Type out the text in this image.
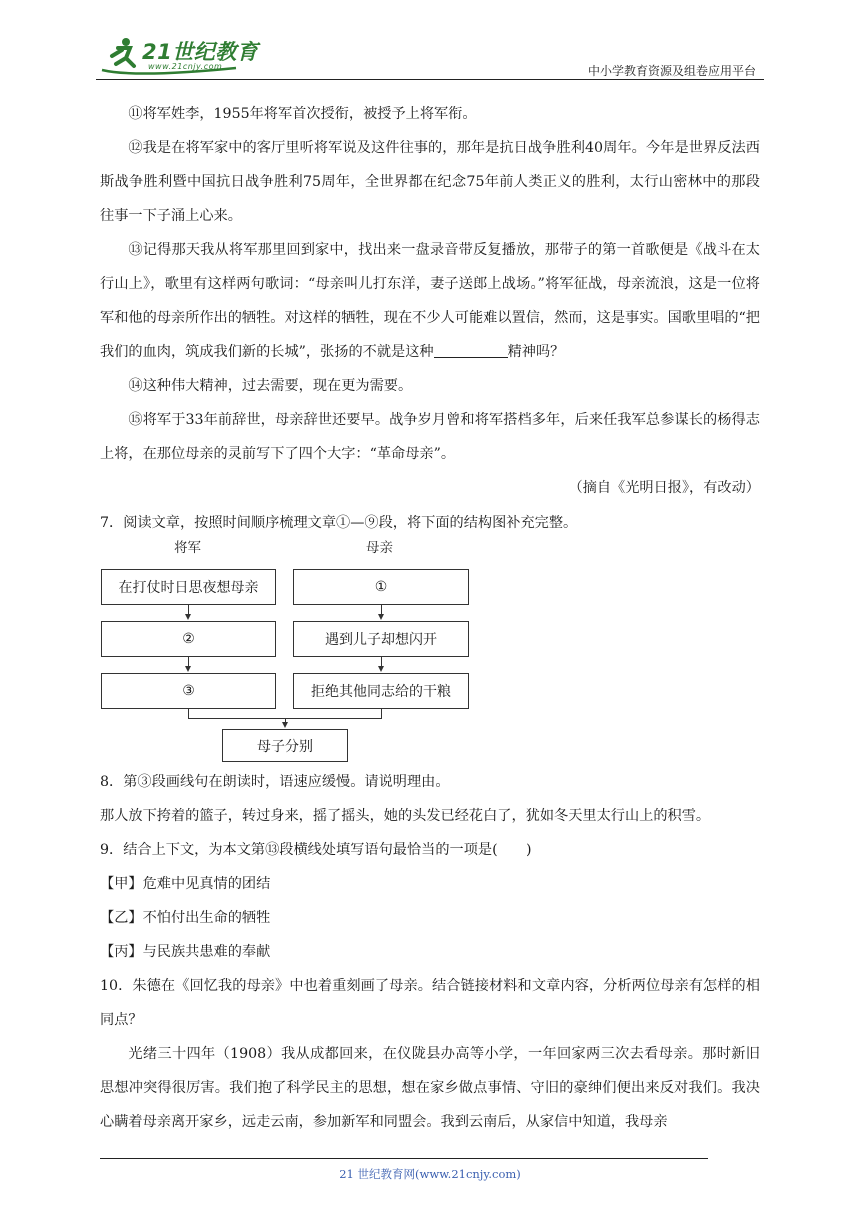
21世纪教育
www.21cnjy.com	中小学教育资源及组卷应用平台

⑪将军姓李，1955年将军首次授衔，被授予上将军衔。

⑫我是在将军家中的客厅里听将军说及这件往事的，那年是抗日战争胜利40周年。今年是世界反法西斯战争胜利暨中国抗日战争胜利75周年，全世界都在纪念75年前人类正义的胜利，太行山密林中的那段往事一下子涌上心来。

⑬记得那天我从将军那里回到家中，找出来一盘录音带反复播放，那带子的第一首歌便是《战斗在太行山上》，歌里有这样两句歌词：“母亲叫儿打东洋，妻子送郎上战场。”将军征战，母亲流浪，这是一位将军和他的母亲所作出的牺牲。对这样的牺牲，现在不少人可能难以置信，然而，这是事实。国歌里唱的“把我们的血肉，筑成我们新的长城”，张扬的不就是这种	精神吗？

⑭这种伟大精神，过去需要，现在更为需要。

⑮将军于33年前辞世，母亲辞世还要早。战争岁月曾和将军搭档多年，后来任我军总参谋长的杨得志上将，在那位母亲的灵前写下了四个大字：“革命母亲”。

（摘自《光明日报》，有改动）

7．阅读文章，按照时间顺序梳理文章①—⑨段，将下面的结构图补充完整。

将军	母亲
在打仗时日思夜想母亲
②
③
①
遇到儿子却想闪开
拒绝其他同志给的干粮
母子分别

8．第③段画线句在朗读时，语速应缓慢。请说明理由。

那人放下挎着的篮子，转过身来，摇了摇头，她的头发已经花白了，犹如冬天里太行山上的积雪。

9．结合上下文，为本文第⑬段横线处填写语句最恰当的一项是(　　)

【甲】危难中见真情的团结

【乙】不怕付出生命的牺牲

【丙】与民族共患难的奉献

10．朱德在《回忆我的母亲》中也着重刻画了母亲。结合链接材料和文章内容，分析两位母亲有怎样的相同点？

光绪三十四年（1908）我从成都回来，在仪陇县办高等小学，一年回家两三次去看母亲。那时新旧思想冲突得很厉害。我们抱了科学民主的思想，想在家乡做点事情、守旧的豪绅们便出来反对我们。我决心瞒着母亲离开家乡，远走云南，参加新军和同盟会。我到云南后，从家信中知道，我母亲

21 世纪教育网(www.21cnjy.com)
